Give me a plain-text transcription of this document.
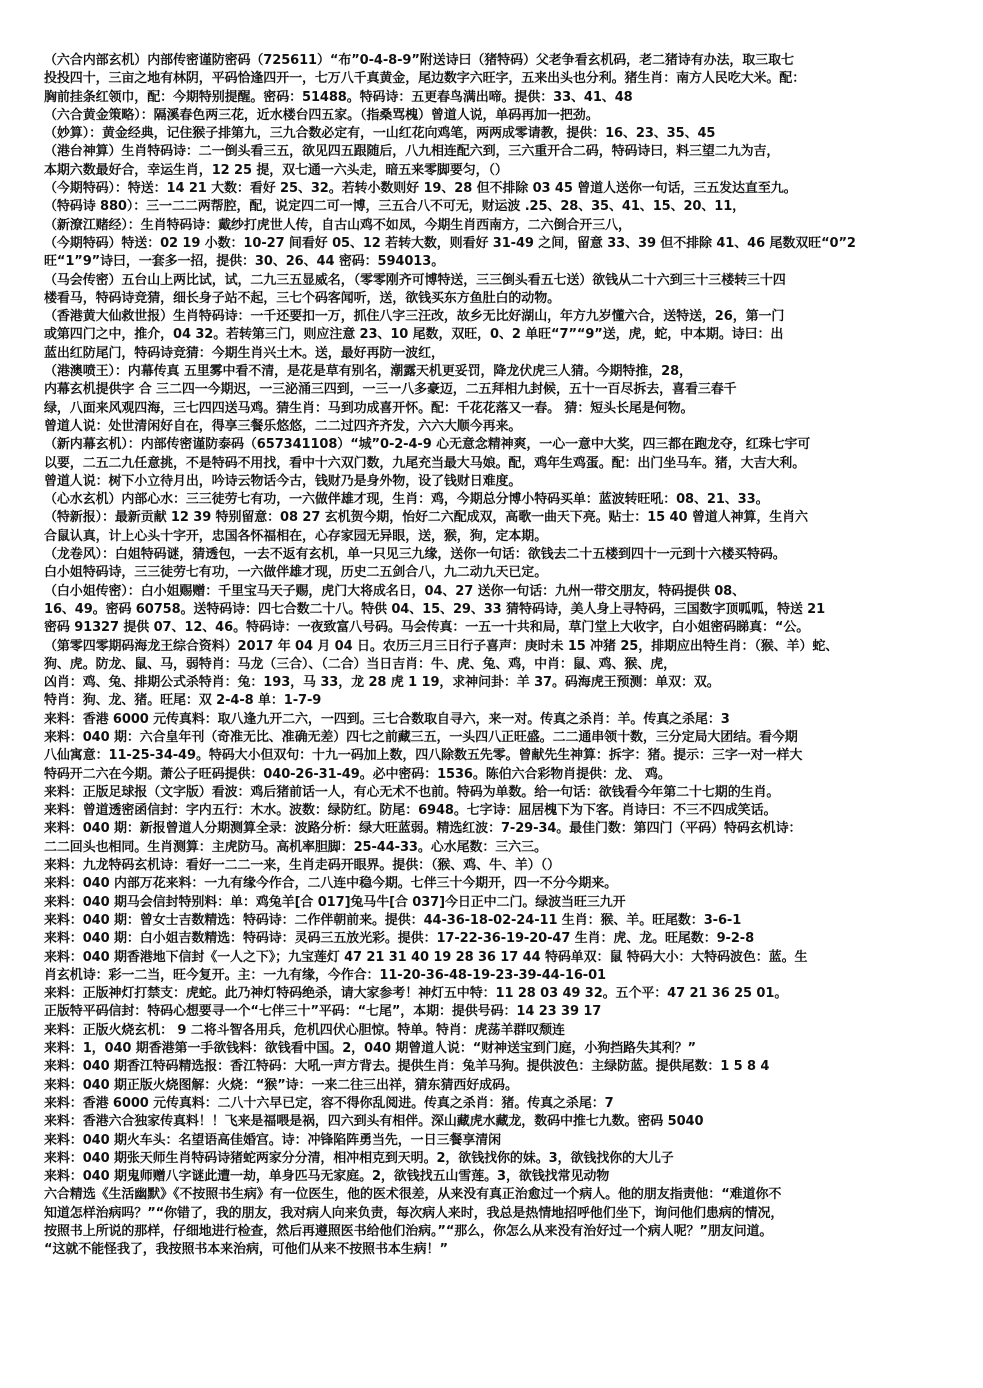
（六合内部玄机）内部传密谨防密码（725611）“布”0-4-8-9”附送诗曰（猪特码）父老争看玄机码，老二猪诗有办法，取三取七
投投四十，三亩之地有林阴，平码恰逢四开一，七万八千真黄金，尾边数字六旺字，五来出头也分利。猪生肖：南方人民吃大米。配：
胸前挂条红领巾，配：今期特别提醒。密码：51488。特码诗：五更春鸟满出啼。提供：33、41、48
（六合黄金策略）：隔溪春色两三花，近水楼台四五家。（指桑骂槐）曾道人说，单码再加一把劲。
（妙算）：黄金经典，记住猴子排第九，三九合数必定有，一山红花向鸡笔，两两成零请教，提供：16、23、35、45
（港台神算）生肖特码诗：二一倒头看三五，欲见四五跟随后，八九相连配六到，三六重开合二码，特码诗曰，料三望二九为吉，
本期六数最好合，幸运生肖，12 25 提，双七通一六头走，暗五来零脚要匀，（）
（今期特码）：特送：14 21 大数：看好 25、32。若转小数则好 19、28 但不排除 03 45 曾道人送你一句话，三五发达直至九。
（特码诗 880）：三一二二两帮腔，配，说定四二可一博，三五合八不可无，财运波 .25、28、35、41、15、20、11，
（新潦江赌经）：生肖特码诗：戴纱打虎世人传，自古山鸡不如凤，今期生肖西南方，二六倒合开三八，
（今期特码）特送：02 19 小数：10-27 间看好 05、12 若转大数，则看好 31-49 之间，留意 33、39 但不排除 41、46 尾数双旺“0”2
旺“1”9”诗曰，一套多一招，提供：30、26、44 密码：594013。
（马会传密）五台山上两比试，试，二九三五显威名，（零零刚齐可博特送，三三倒头看五七送）欲钱从二十六到三十三楼转三十四
楼看马，特码诗竞猜，细长身子站不起，三七个码客闻听，送，欲钱买东方鱼肚白的动物。
（香港黄大仙救世报）生肖特码诗：一千还要扣一万，抓住八字三汪改，故乡无比好湖山，年方九岁懂六合，送特送，26，第一门
或第四门之中，推介，04 32。若转第三门，则应注意 23、10 尾数，双旺，0、2 单旺“7”“9”送，虎，蛇，中本期。诗曰：出
蓝出红防尾门，特码诗竞猜：今期生肖兴土木。送，最好再防一波红，
（港澳喷王）：内幕传真 五里雾中看不清，是花是草有别名，潮露天机更妥罚，降龙伏虎三人猜。今期特推，28，
内幕玄机提供字 合 三二四一今期迟，一三泌涌三四到，一三一八多豪迈，二五拜相九封候，五十一百尽拆去，喜看三春千
绿，八面来风观四海，三七四四送马鸡。猜生肖：马到功成喜开怀。配：千花花落又一春。 猜：短头长尾是何物。
曾道人说：处世清闲好自在，得享三餐乐悠悠，二二过四齐齐发，六六大顺今再来。
（新内幕玄机）：内部传密谨防泰码（657341108）“城”0-2-4-9 心无意念精神爽，一心一意中大奖，四三都在跑龙夺，红珠七宇可
以要，二五二九任意挑，不是特码不用找，看中十六双门数，九尾充当最大马娘。配，鸡年生鸡蛋。配：出门坐马车。猪，大吉大利。
曾道人说：树下小立待月出，吟诗云物话今古，钱财乃是身外物，设了钱财日难度。
（心水玄机）内部心水：三三徒劳七有功，一六做伴雄才现，生肖：鸡，今期总分博小特码买单：蓝波转旺吼：08、21、33。
（特新报）：最新贡献 12 39 特别留意：08 27 玄机贺今期，怡好二六配成双，高歌一曲天下亮。贴士：15 40 曾道人神算，生肖六
合鼠认真，计上心头十字开，忠国各怀福相在，心存家园无异眼，送，猴，狗，定本期。
（龙卷风）：白姐特码谜，猜透包，一去不返有玄机，单一只见三九缘，送你一句话：欲钱去二十五楼到四十一元到十六楼买特码。
白小姐特码诗，三三徒劳七有功，一六做伴雄才现，历史二五剑合八，九二动九天已定。
（白小姐传密）：白小姐赐赠：千里宝马天子赐，虎门大将成名日，04、27 送你一句话：九州一带交朋友，特码提供 08、
16、49。密码 60758。送特码诗：四七合数二十八。特供 04、15、29、33 猜特码诗，美人身上寻特码，三国数字顶呱呱，特送 21
密码 91327 提供 07、12、46。特码诗：一夜致富八号码。马会传真：一五一十共和局，草门堂上大收字，白小姐密码睇真：“公。
（第零四零期码海龙王综合资料）2017 年 04 月 04 日。农历三月三日行子喜声：庚时未 15 冲猪 25，排期应出特生肖：（猴、羊）蛇、
狗、虎。防龙、鼠、马，弱特肖：马龙（三合）、（二合）当日吉肖：牛、虎、兔、鸡，中肖：鼠、鸡、猴、虎，
凶肖：鸡、兔、排期公式杀特肖：兔：193，马 33，龙 28 虎 1 19，求神问卦：羊 37。码海虎王预测：单双：双。
特肖：狗、龙、猪。旺尾：双 2-4-8 单：1-7-9
来料：香港 6000 元传真料：取八逢九开二六，一四到。三七合数取自寻六，来一对。传真之杀肖：羊。传真之杀尾：3
来料：040 期：六合皇年刊（奇准无比、准确无差）四七之前藏三五，一头四八正旺盛。二二通串领十数，三分定局大团结。看今期
八仙寓意：11-25-34-49。特码大小但双句：十九一码加上数，四八除数五先零。曾献先生神算：拆字：猪。提示：三字一对一样大
特码开二六在今期。萧公子旺码提供：040-26-31-49。必中密码：1536。陈伯六合彩物肖提供：龙、 鸡。
来料：正版足球报（文字版）看波：鸡后猪前话一人，有心无术不也前。特码为单数。给一句话：欲钱看今年第二十七期的生肖。
来料：曾道透密函信封：字内五行：木水。波数：绿防红。防尾：6948。七字诗：屈居槐下为下客。肖诗曰：不三不四成笑话。
来料：040 期：新报曾道人分期测算全录：波路分析：绿大旺蓝弱。精选红波：7-29-34。最佳门数：第四门（平码）特码玄机诗：
二二回头也相同。生肖测算：主虎防马。高机率胆脚：25-44-33。心水尾数：三六三。
来料：九龙特码玄机诗：看好一二二一来，生肖走码开眼界。提供：（猴、鸡、牛、羊）（）
来料：040 内部万花来料：一九有缘今作合，二八连中稳今期。七伴三十今期开，四一不分今期来。
来料：040 期马会信封特别料：单：鸡兔羊[合 017]兔马牛[合 037]今日正中二门。绿波当旺三九开
来料：040 期：曾女士吉数精选：特码诗：二作伴朝前来。提供：44-36-18-02-24-11 生肖：猴、羊。旺尾数：3-6-1
来料：040 期：白小姐吉数精选：特码诗：灵码三五放光彩。提供：17-22-36-19-20-47 生肖：虎、龙。旺尾数：9-2-8
来料：040 期香港地下信封《一人之下》；九宝莲灯 47 21 31 40 19 28 36 17 44 特码单双：鼠 特码大小：大特码波色：蓝。生
肖玄机诗：彩一二当，旺今复开。主：一九有缘，今作合：11-20-36-48-19-23-39-44-16-01
来料：正版神灯打禁支：虎蛇。此乃神灯特码绝杀，请大家参考！神灯五中特：11 28 03 49 32。五个平：47 21 36 25 01。
正版特平码信封：特码心想要寻一个“七伴三十”平码：“七尾”，本期：提供号码：14 23 39 17
来料：正版火烧玄机： 9 二将斗智各用兵，危机四伏心胆惊。特单。特肖：虎荡羊群叹颓连
来料：1，040 期香港第一手欲钱料：欲钱看中国。2，040 期曾道人说：“财神送宝到门庭，小狗挡路失其利？”
来料：040 期香江特码精选报：香江特码：大吼一声方背去。提供生肖：兔羊马狗。提供波色：主绿防蓝。提供尾数：1 5 8 4
来料：040 期正版火烧图解：火烧：“猴”诗：一来二往三出祥，猜东猜西好成码。
来料：香港 6000 元传真料：二八十六早已定，容不得你乱阅进。传真之杀肖：猪。传真之杀尾：7
来料：香港六合独家传真料！！飞来是福喂是祸，四六到头有相伴。深山藏虎水藏龙，数码中推七九数。密码 5040
来料：040 期火车头：名望语高佳婚宫。诗：冲锋陷阵勇当先，一日三餐享清闲
来料：040 期张天师生肖特码诗猪蛇两家分分清，相冲相克到天明。2，欲钱找你的妹。3，欲钱找你的大儿子
来料：040 期鬼师赠八字谜此遭一劫，单身匹马无家庭。2，欲钱找五山雪莲。3，欲钱找常见动物
六合精选《生活幽默》《不按照书生病》有一位医生，他的医术很差，从来没有真正治愈过一个病人。他的朋友指责他：“难道你不
知道怎样治病吗？”“你错了，我的朋友，我对病人向来负责，每次病人来时，我总是热情地招呼他们坐下，询问他们患病的情况，
按照书上所说的那样，仔细地进行检查，然后再遵照医书给他们治病。”“那么，你怎么从来没有治好过一个病人呢？”朋友问道。
“这就不能怪我了，我按照书本来治病，可他们从来不按照书本生病！”
